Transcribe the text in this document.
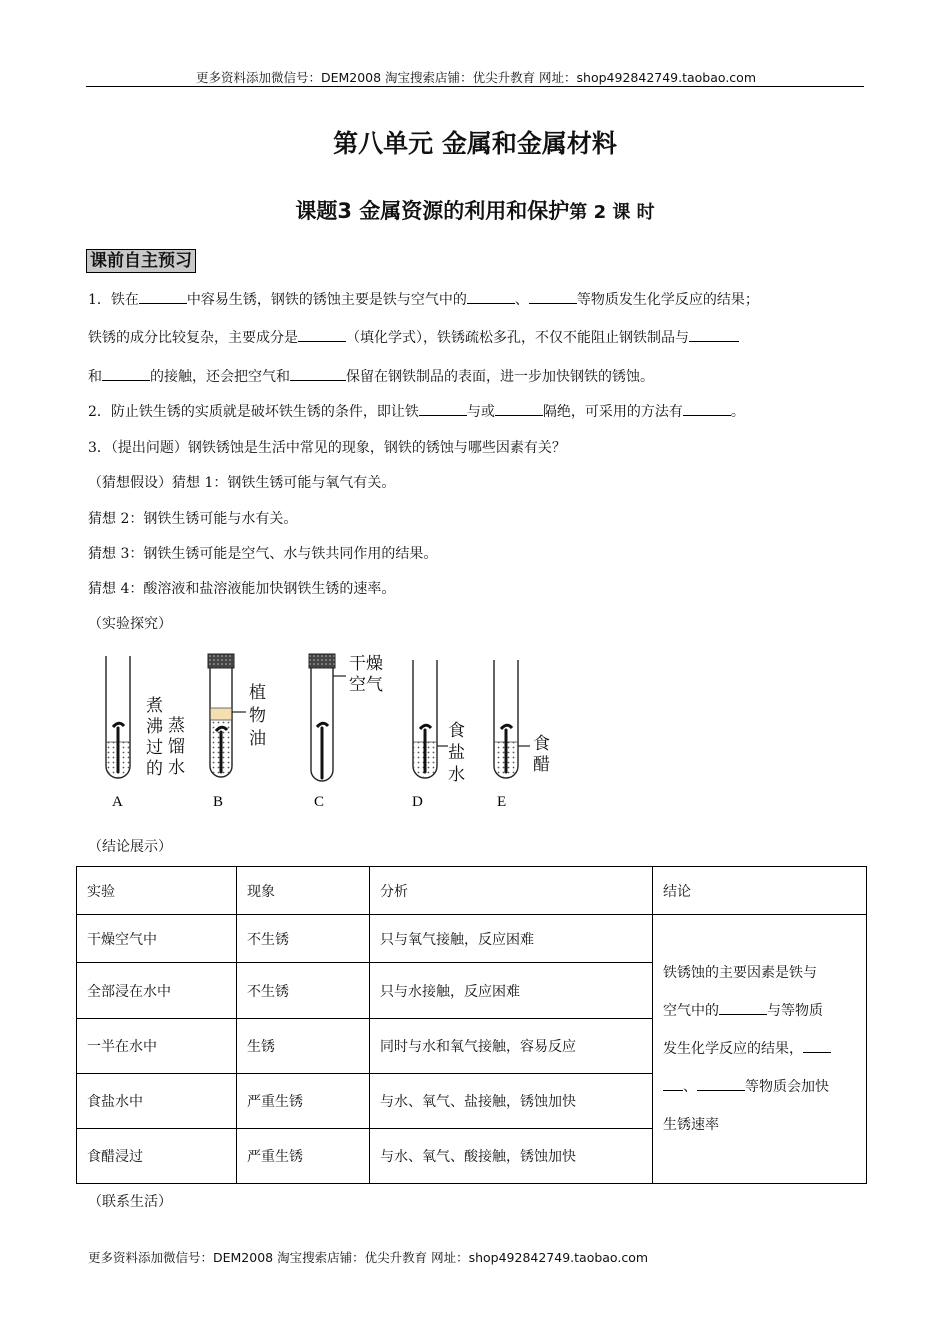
更多资料添加微信号：DEM2008 淘宝搜索店铺：优尖升教育 网址：shop492842749.taobao.com
第八单元 金属和金属材料
课题3 金属资源的利用和保护第 2 课 时
课前自主预习
1．铁在	中容易生锈，钢铁的锈蚀主要是铁与空气中的	、	等物质发生化学反应的结果；
铁锈的成分比较复杂，主要成分是	（填化学式），铁锈疏松多孔，不仅不能阻止钢铁制品与
和	的接触，还会把空气和	保留在钢铁制品的表面，进一步加快钢铁的锈蚀。
2．防止铁生锈的实质就是破坏铁生锈的条件，即让铁	与或	隔绝，可采用的方法有	。
3．（提出问题）钢铁锈蚀是生活中常见的现象，钢铁的锈蚀与哪些因素有关？
（猜想假设）猜想 1：钢铁生锈可能与氧气有关。
猜想 2：钢铁生锈可能与水有关。
猜想 3：钢铁生锈可能是空气、水与铁共同作用的结果。
猜想 4：酸溶液和盐溶液能加快钢铁生锈的速率。
（实验探究）
A	B	C	D	E
煮沸过的
蒸馏水
植物油
干燥
空气
食盐水
食醋
（结论展示）
实验	现象	分析	结论
干燥空气中	不生锈	只与氧气接触，反应困难	铁锈蚀的主要因素是铁与
空气中的 与等物质
发生化学反应的结果，
、 等物质会加快
生锈速率

全部浸在水中	不生锈	只与水接触，反应困难	
一半在水中	生锈	同时与水和氧气接触，容易反应	
食盐水中	严重生锈	与水、氧气、盐接触，锈蚀加快	
食醋浸过	严重生锈	与水、氧气、酸接触，锈蚀加快	
（联系生活）
更多资料添加微信号：DEM2008 淘宝搜索店铺：优尖升教育 网址：shop492842749.taobao.com
